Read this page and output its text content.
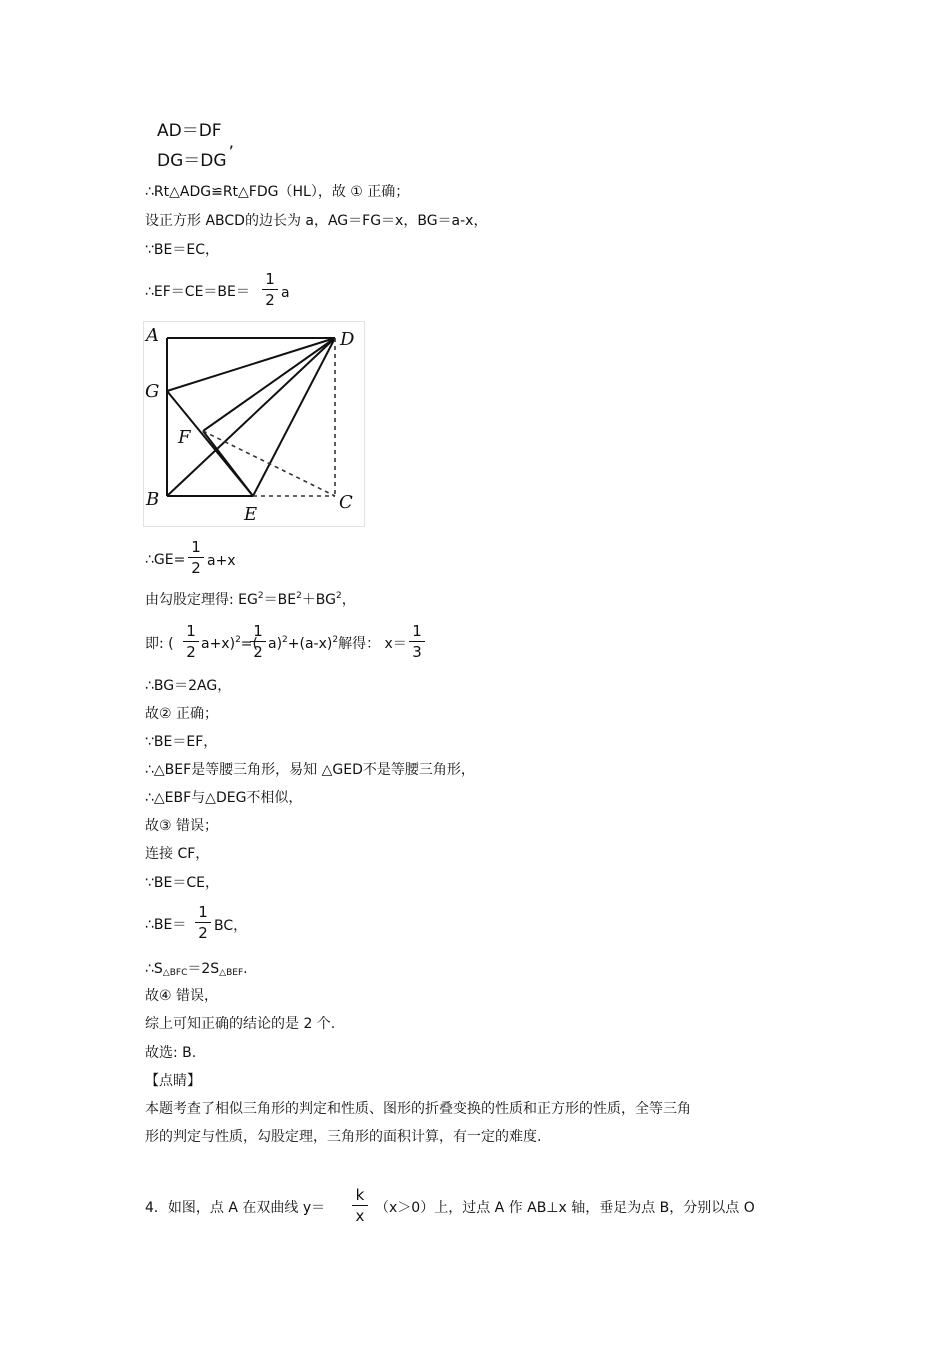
AD＝DF
DG＝DG ’
∴Rt△ADG≌Rt△FDG（HL），故 ① 正确；
设正方形 ABCD的边长为 a，AG＝FG＝x，BG＝a-x，
∵BE＝EC，
∴EF＝CE＝BE＝
1
2 a
A	D
G
F
B
E
C
∴GE=
1
2 a+x
由勾股定理得: $EG^2=BE^2+BG^2$，
即: (
1
2 a+x)$^2$=(
1
2 $a)^2+(a-x)^2$解得： x＝
1
3
∴BG＝2AG，
故② 正确；
∵BE＝EF，
∴△BEF是等腰三角形，易知 △GED不是等腰三角形，
∴△EBF与△DEG不相似，
故③ 错误；
连接 CF，
∵BE＝CE，
∴BE＝
1
2 BC，
$\therefore S_{\triangle BFC}=2S_{\triangle BEF}$.
故④ 错误，
综上可知正确的结论的是 2 个.
故选: B.
【点睛】
本题考查了相似三角形的判定和性质、图形的折叠变换的性质和正方形的性质，全等三角
形的判定与性质，勾股定理，三角形的面积计算，有一定的难度.
4．如图，点 A 在双曲线 y＝
k
x （x＞0）上，过点 A 作 AB⊥x 轴，垂足为点 B，分别以点 O
